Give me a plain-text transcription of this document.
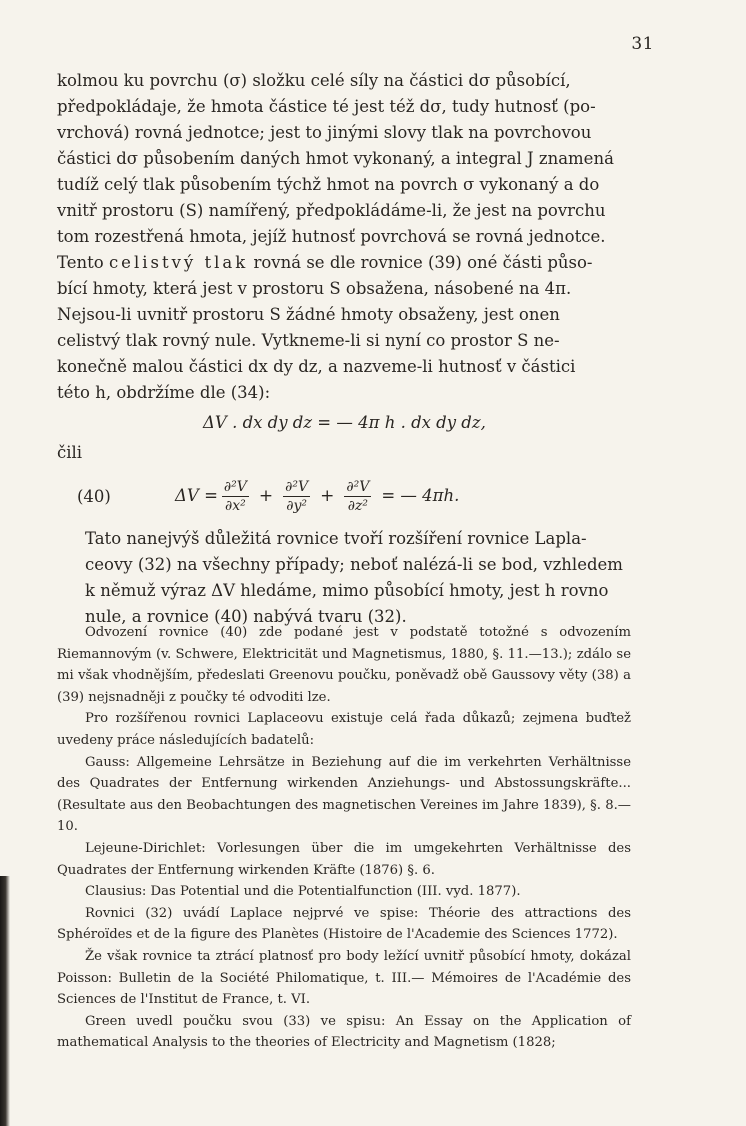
31

kolmou ku povrchu (σ) složku celé síly na částici dσ působící,
předpokládaje, že hmota částice té jest též dσ, tudy hutnosť (po-
vrchová) rovná jednotce; jest to jinými slovy tlak na povrchovou
částici dσ působením daných hmot vykonaný, a integral J znamená
tudíž celý tlak působením týchž hmot na povrch σ vykonaný a do
vnitř prostoru (S) namířený, předpokládáme-li, že jest na povrchu
tom rozestřená hmota, jejíž hutnosť povrchová se rovná jednotce.
Tento celistvý tlak rovná se dle rovnice (39) oné části půso-
bící hmoty, která jest v prostoru S obsažena, násobené na 4π.
Nejsou-li uvnitř prostoru S žádné hmoty obsaženy, jest onen
celistvý tlak rovný nule. Vytkneme-li si nyní co prostor S ne-
konečně malou částici dx dy dz, a nazveme-li hutnosť v částici
této h, obdržíme dle (34):

ΔV . dx dy dz = — 4π h . dx dy dz,
čili
(40)	$\Delta V = \frac{\text{∂²V}}{\text{∂x²}} + \frac{\text{∂²V}}{\text{∂y²}} + \frac{\text{∂²V}}{\text{∂z²}}$ = — 4πh.

Tato nanejvýš důležitá rovnice tvoří rozšíření rovnice Lapla-
ceovy (32) na všechny případy; neboť nalézá-li se bod, vzhledem
k němuž výraz ΔV hledáme, mimo působící hmoty, jest h rovno
nule, a rovnice (40) nabývá tvaru (32).

Odvození rovnice (40) zde podané jest v podstatě totožné s odvozením Riemannovým (v. Schwere, Elektricität und Magnetismus, 1880, §. 11.—13.); zdálo se mi však vhodnějším, předeslati Greenovu poučku, poněvadž obě Gaussovy věty (38) a (39) nejsnadněji z poučky té odvoditi lze.

Pro rozšířenou rovnici Laplaceovu existuje celá řada důkazů; zejmena buďtež uvedeny práce následujících badatelů:

Gauss: Allgemeine Lehrsätze in Beziehung auf die im verkehrten Verhältnisse des Quadrates der Entfernung wirkenden Anziehungs- und Abstossungskräfte... (Resultate aus den Beobachtungen des magnetischen Vereines im Jahre 1839), §. 8.—10.

Lejeune-Dirichlet: Vorlesungen über die im umgekehrten Verhältnisse des Quadrates der Entfernung wirkenden Kräfte (1876) §. 6.

Clausius: Das Potential und die Potentialfunction (III. vyd. 1877).

Rovnici (32) uvádí Laplace nejprvé ve spise: Théorie des attractions des Sphéroïdes et de la figure des Planètes (Histoire de l'Academie des Sciences 1772).

Že však rovnice ta ztrácí platnosť pro body ležící uvnitř působící hmoty, dokázal Poisson: Bulletin de la Société Philomatique, t. III.— Mémoires de l'Académie des Sciences de l'Institut de France, t. VI.

Green uvedl poučku svou (33) ve spisu: An Essay on the Application of mathematical Analysis to the theories of Electricity and Magnetism (1828;
